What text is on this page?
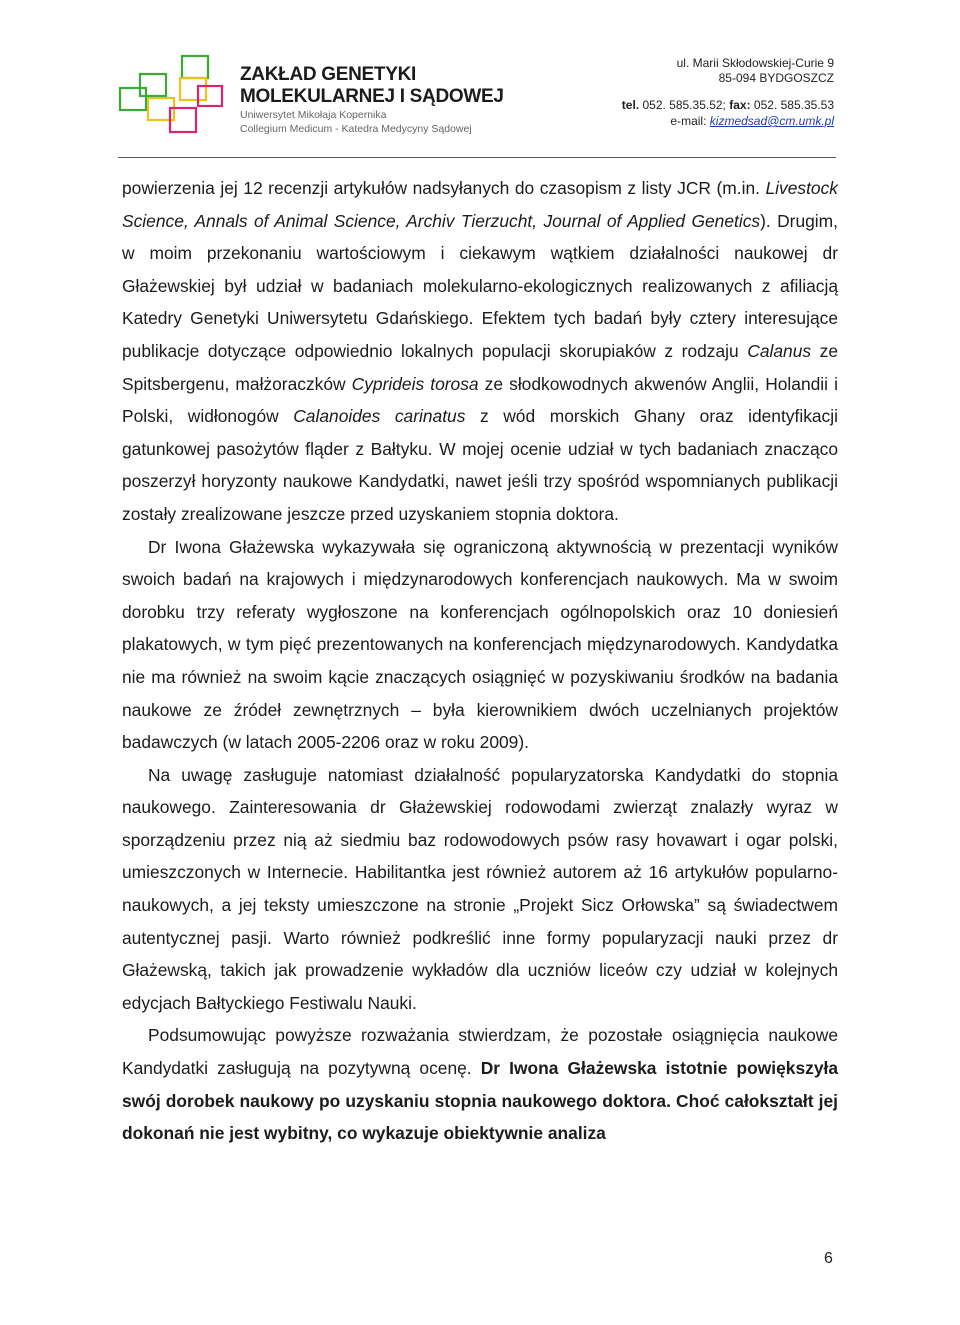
ZAKŁAD GENETYKI
MOLEKULARNEJ I SĄDOWEJ
Uniwersytet Mikołaja Kopernika
Collegium Medicum - Katedra Medycyny Sądowej
ul. Marii Skłodowskiej-Curie 9
85-094 BYDGOSZCZ
tel. 052. 585.35.52; fax: 052. 585.35.53
e-mail: kizmedsad@cm.umk.pl

powierzenia jej 12 recenzji artykułów nadsyłanych do czasopism z listy JCR (m.in. Livestock Science, Annals of Animal Science, Archiv Tierzucht, Journal of Applied Genetics). Drugim, w moim przekonaniu wartościowym i ciekawym wątkiem działalności naukowej dr Głażewskiej był udział w badaniach molekularno-ekologicznych realizowanych z afiliacją Katedry Genetyki Uniwersytetu Gdańskiego. Efektem tych badań były cztery interesujące publikacje dotyczące odpowiednio lokalnych populacji skorupiaków z rodzaju Calanus ze Spitsbergenu, małżoraczków Cyprideis torosa ze słodkowodnych akwenów Anglii, Holandii i Polski, widłonogów Calanoides carinatus z wód morskich Ghany oraz identyfikacji gatunkowej pasożytów fląder z Bałtyku. W mojej ocenie udział w tych badaniach znacząco poszerzył horyzonty naukowe Kandydatki, nawet jeśli trzy spośród wspomnianych publikacji zostały zrealizowane jeszcze przed uzyskaniem stopnia doktora.

Dr Iwona Głażewska wykazywała się ograniczoną aktywnością w prezentacji wyników swoich badań na krajowych i międzynarodowych konferencjach naukowych. Ma w swoim dorobku trzy referaty wygłoszone na konferencjach ogólnopolskich oraz 10 doniesień plakatowych, w tym pięć prezentowanych na konferencjach międzynarodowych. Kandydatka nie ma również na swoim kącie znaczących osiągnięć w pozyskiwaniu środków na badania naukowe ze źródeł zewnętrznych – była kierownikiem dwóch uczelnianych projektów badawczych (w latach 2005-2206 oraz w roku 2009).

Na uwagę zasługuje natomiast działalność popularyzatorska Kandydatki do stopnia naukowego. Zainteresowania dr Głażewskiej rodowodami zwierząt znalazły wyraz w sporządzeniu przez nią aż siedmiu baz rodowodowych psów rasy hovawart i ogar polski, umieszczonych w Internecie. Habilitantka jest również autorem aż 16 artykułów popularno-naukowych, a jej teksty umieszczone na stronie „Projekt Sicz Orłowska” są świadectwem autentycznej pasji. Warto również podkreślić inne formy popularyzacji nauki przez dr Głażewską, takich jak prowadzenie wykładów dla uczniów liceów czy udział w kolejnych edycjach Bałtyckiego Festiwalu Nauki.

Podsumowując powyższe rozważania stwierdzam, że pozostałe osiągnięcia naukowe Kandydatki zasługują na pozytywną ocenę. Dr Iwona Głażewska istotnie powiększyła swój dorobek naukowy po uzyskaniu stopnia naukowego doktora. Choć całokształt jej dokonań nie jest wybitny, co wykazuje obiektywnie analiza

6
